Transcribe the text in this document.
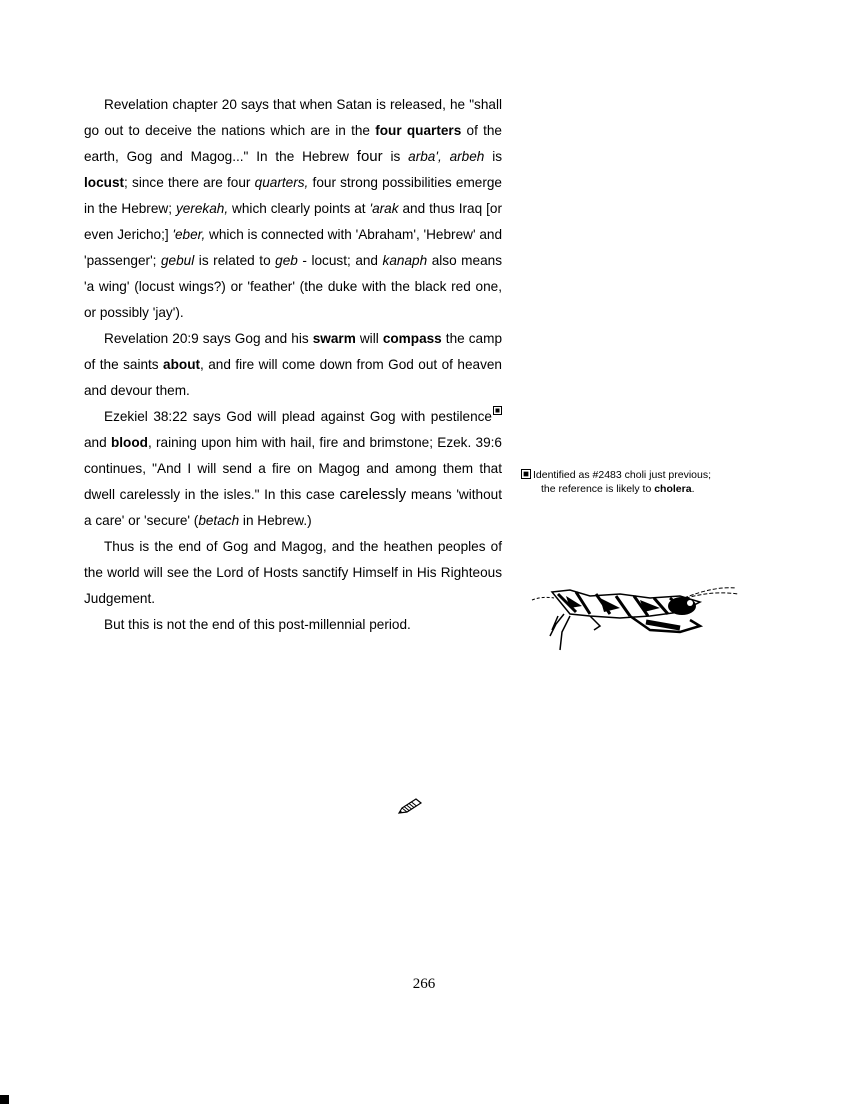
Revelation chapter 20 says that when Satan is released, he "shall go out to deceive the nations which are in the four quarters of the earth, Gog and Magog..." In the Hebrew four is arba', arbeh is locust; since there are four quarters, four strong possibilities emerge in the Hebrew; yerekah, which clearly points at 'arak and thus Iraq [or even Jericho;] 'eber, which is connected with 'Abraham', 'Hebrew' and 'passenger'; gebul is related to geb - locust; and kanaph also means 'a wing' (locust wings?) or 'feather' (the duke with the black red one, or possibly 'jay').

Revelation 20:9 says Gog and his swarm will compass the camp of the saints about, and fire will come down from God out of heaven and devour them.

Ezekiel 38:22 says God will plead against Gog with pestilence and blood, raining upon him with hail, fire and brimstone; Ezek. 39:6 continues, "And I will send a fire on Magog and among them that dwell carelessly in the isles." In this case carelessly means 'without a care' or 'secure' (betach in Hebrew.)

Thus is the end of Gog and Magog, and the heathen peoples of the world will see the Lord of Hosts sanctify Himself in His Righteous Judgement.

But this is not the end of this post-millennial period.

Identified as #2483 choli just previous;
the reference is likely to cholera.
266
